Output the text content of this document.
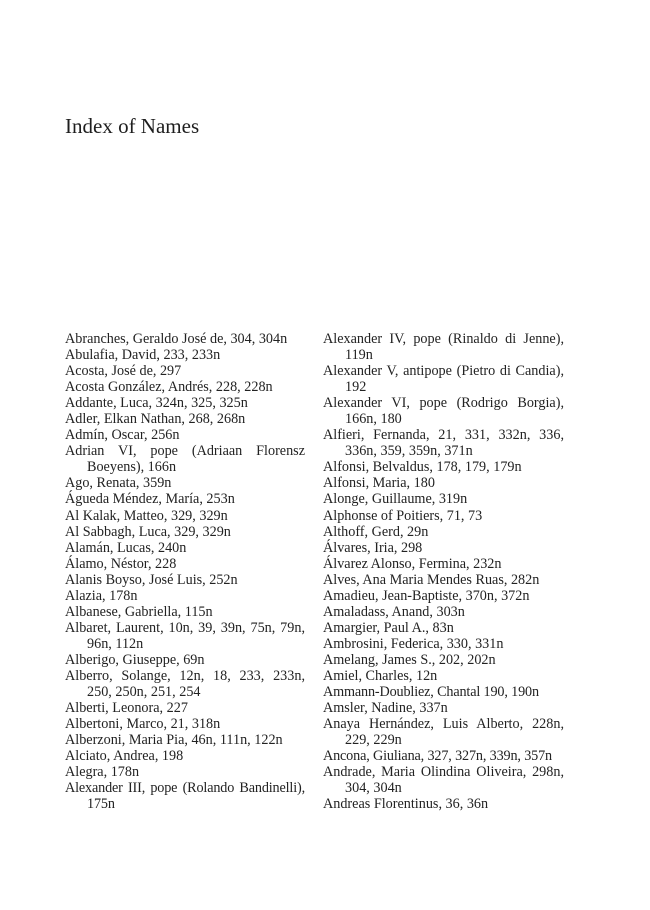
Index of Names

Abranches, Geraldo José de, 304, 304n

Abulafia, David, 233, 233n

Acosta, José de, 297

Acosta González, Andrés, 228, 228n

Addante, Luca, 324n, 325, 325n

Adler, Elkan Nathan, 268, 268n

Admín, Oscar, 256n

Adrian VI, pope (Adriaan Florensz Boeyens), 166n

Ago, Renata, 359n

Águeda Méndez, María, 253n

Al Kalak, Matteo, 329, 329n

Al Sabbagh, Luca, 329, 329n

Alamán, Lucas, 240n

Álamo, Néstor, 228

Alanis Boyso, José Luis, 252n

Alazia, 178n

Albanese, Gabriella, 115n

Albaret, Laurent, 10n, 39, 39n, 75n, 79n, 96n, 112n

Alberigo, Giuseppe, 69n

Alberro, Solange, 12n, 18, 233, 233n, 250, 250n, 251, 254

Alberti, Leonora, 227

Albertoni, Marco, 21, 318n

Alberzoni, Maria Pia, 46n, 111n, 122n

Alciato, Andrea, 198

Alegra, 178n

Alexander III, pope (Rolando Bandinelli), 175n

Alexander IV, pope (Rinaldo di Jenne), 119n

Alexander V, antipope (Pietro di Candia), 192

Alexander VI, pope (Rodrigo Borgia), 166n, 180

Alfieri, Fernanda, 21, 331, 332n, 336, 336n, 359, 359n, 371n

Alfonsi, Belvaldus, 178, 179, 179n

Alfonsi, Maria, 180

Alonge, Guillaume, 319n

Alphonse of Poitiers, 71, 73

Althoff, Gerd, 29n

Álvares, Iria, 298

Álvarez Alonso, Fermina, 232n

Alves, Ana Maria Mendes Ruas, 282n

Amadieu, Jean-Baptiste, 370n, 372n

Amaladass, Anand, 303n

Amargier, Paul A., 83n

Ambrosini, Federica, 330, 331n

Amelang, James S., 202, 202n

Amiel, Charles, 12n

Ammann-Doubliez, Chantal 190, 190n

Amsler, Nadine, 337n

Anaya Hernández, Luis Alberto, 228n, 229, 229n

Ancona, Giuliana, 327, 327n, 339n, 357n

Andrade, Maria Olindina Oliveira, 298n, 304, 304n

Andreas Florentinus, 36, 36n
